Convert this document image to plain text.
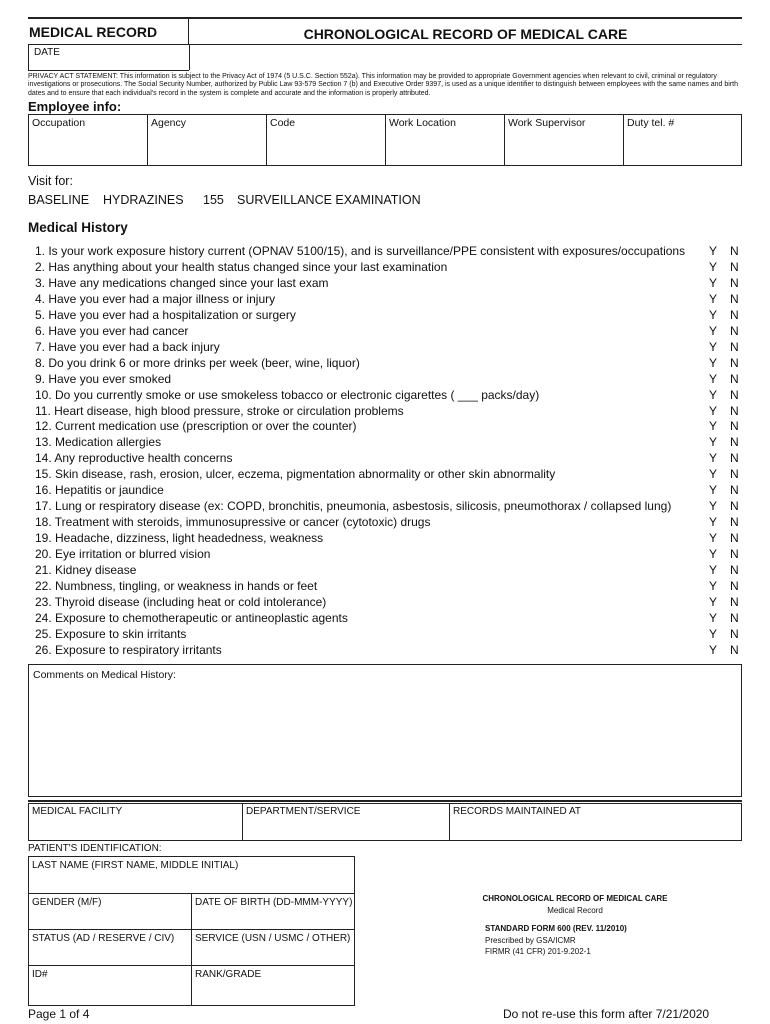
MEDICAL RECORD	CHRONOLOGICAL RECORD OF MEDICAL CARE
DATE
PRIVACY ACT STATEMENT: This information is subject to the Privacy Act of 1974 (5 U.S.C. Section 552a). This information may be provided to appropriate Government agencies when relevant to civil, criminal or regulatory investigations or prosecutions. The Social Security Number, authorized by Public Law 93-579 Section 7 (b) and Executive Order 9397, is used as a unique identifier to distinguish between employees with the same names and birth dates and to ensure that each individual's record in the system is complete and accurate and the information is properly attributed.
Employee info:
Occupation	Agency	Code	Work Location	Work Supervisor	Duty tel. #
Visit for:
BASELINE HYDRAZINES 155 SURVEILLANCE EXAMINATION
Medical History
1. Is your work exposure history current (OPNAV 5100/15), and is surveillance/PPE consistent with exposures/occupations Y N
2. Has anything about your health status changed since your last examination	Y N
3. Have any medications changed since your last exam	Y N
4. Have you ever had a major illness or injury	Y N
5. Have you ever had a hospitalization or surgery	Y N
6. Have you ever had cancer	Y N
7. Have you ever had a back injury	Y N
8. Do you drink 6 or more drinks per week (beer, wine, liquor)	Y N
9. Have you ever smoked	Y N
10. Do you currently smoke or use smokeless tobacco or electronic cigarettes ( ___ packs/day)	Y N
11. Heart disease, high blood pressure, stroke or circulation problems	Y N
12. Current medication use (prescription or over the counter)	Y N
13. Medication allergies	Y N
14. Any reproductive health concerns	Y N
15. Skin disease, rash, erosion, ulcer, eczema, pigmentation abnormality or other skin abnormality	Y N
16. Hepatitis or jaundice	Y N
17. Lung or respiratory disease (ex: COPD, bronchitis, pneumonia, asbestosis, silicosis, pneumothorax / collapsed lung)	Y N
18. Treatment with steroids, immunosupressive or cancer (cytotoxic) drugs	Y N
19. Headache, dizziness, light headedness, weakness	Y N
20. Eye irritation or blurred vision	Y N
21. Kidney disease	Y N
22. Numbness, tingling, or weakness in hands or feet	Y N
23. Thyroid disease (including heat or cold intolerance)	Y N
24. Exposure to chemotherapeutic or antineoplastic agents	Y N
25. Exposure to skin irritants	Y N
26. Exposure to respiratory irritants	Y N
Comments on Medical History:
MEDICAL FACILITY	DEPARTMENT/SERVICE	RECORDS MAINTAINED AT
PATIENT'S IDENTIFICATION:
LAST NAME (FIRST NAME, MIDDLE INITIAL)
GENDER (M/F)	DATE OF BIRTH (DD-MMM-YYYY)
STATUS (AD / RESERVE / CIV) SERVICE (USN / USMC / OTHER)
ID#	RANK/GRADE
CHRONOLOGICAL RECORD OF MEDICAL CARE
Medical Record
STANDARD FORM 600 (REV. 11/2010)
Prescribed by GSA/ICMR
FIRMR (41 CFR) 201-9.202-1
Page 1 of 4	Do not re-use this form after 7/21/2020
